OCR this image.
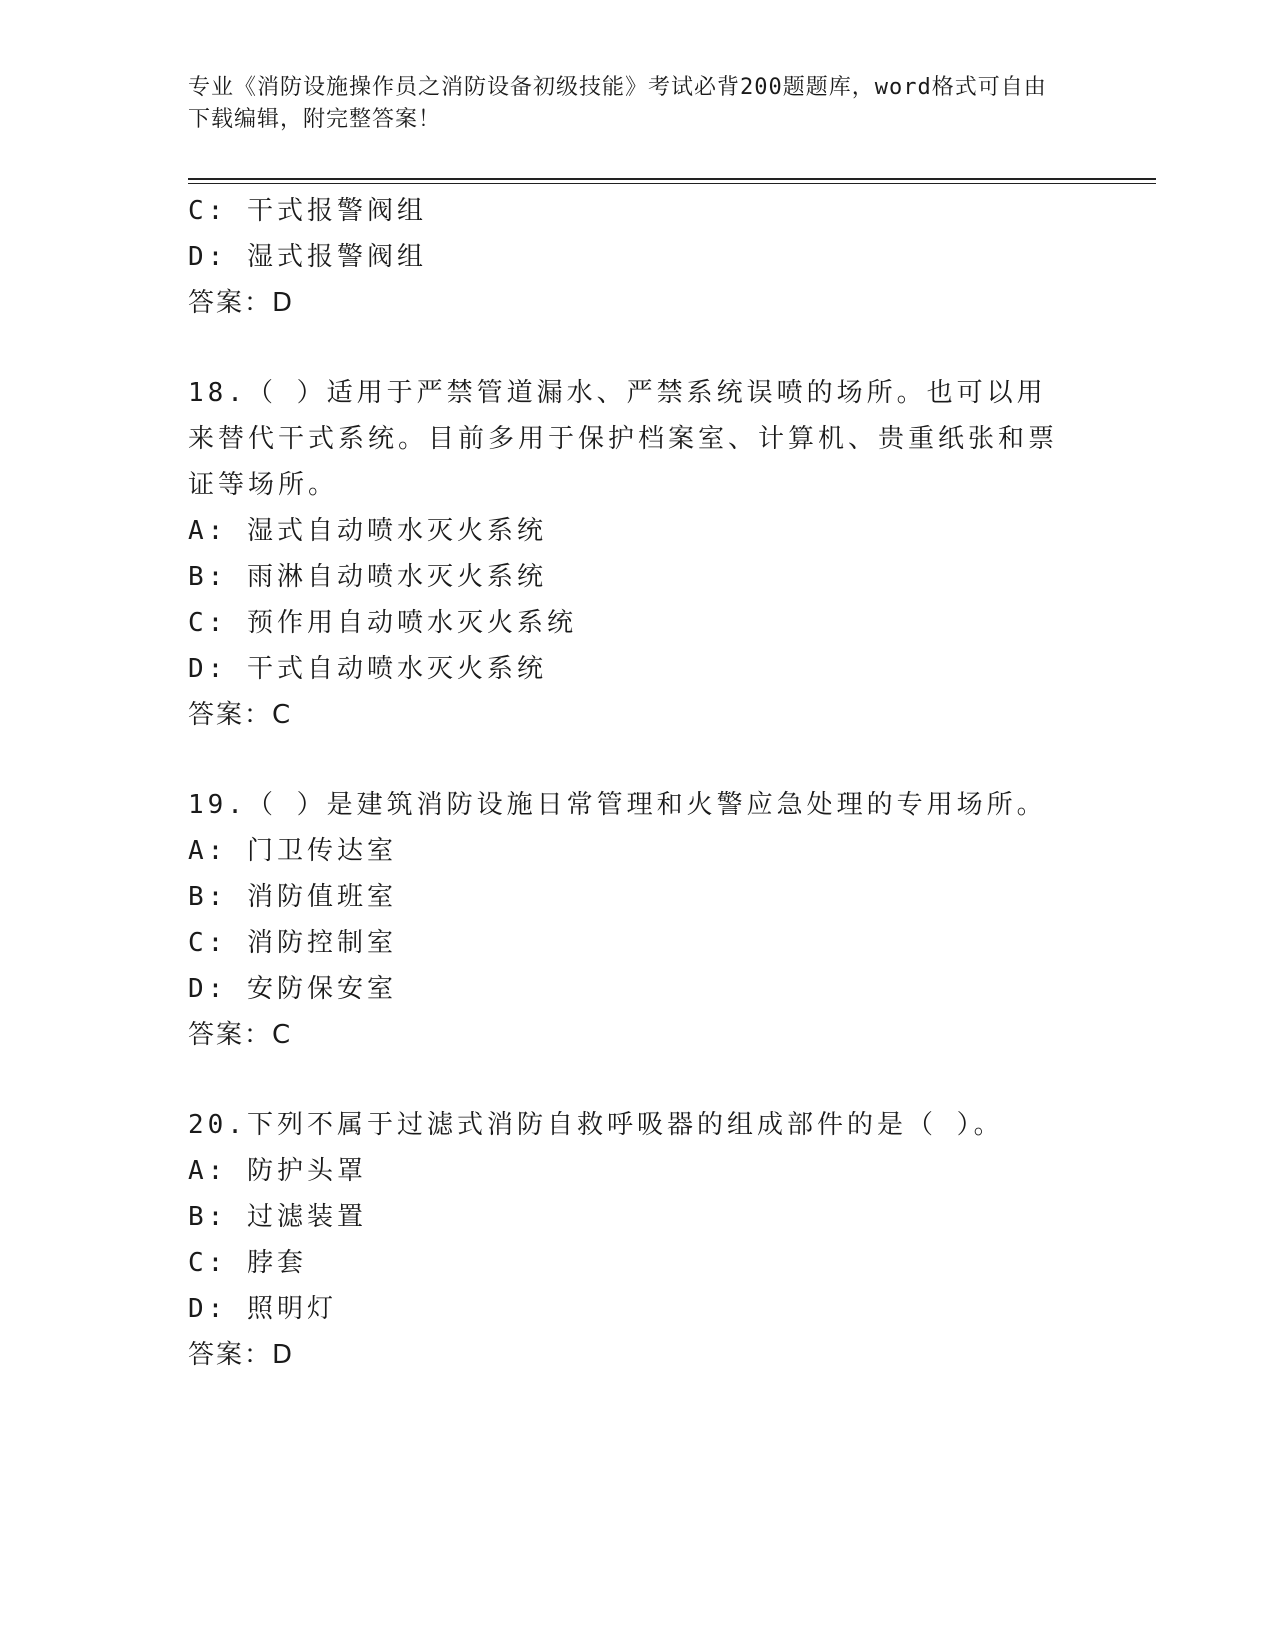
专业《消防设施操作员之消防设备初级技能》考试必背200题题库，word格式可自由下载编辑，附完整答案！
C: 干式报警阀组
D: 湿式报警阀组
答案：D
18.（ ）适用于严禁管道漏水、严禁系统误喷的场所。也可以用来替代干式系统。目前多用于保护档案室、计算机、贵重纸张和票证等场所。
A: 湿式自动喷水灭火系统
B: 雨淋自动喷水灭火系统
C: 预作用自动喷水灭火系统
D: 干式自动喷水灭火系统
答案：C
19.（ ）是建筑消防设施日常管理和火警应急处理的专用场所。
A: 门卫传达室
B: 消防值班室
C: 消防控制室
D: 安防保安室
答案：C
20.下列不属于过滤式消防自救呼吸器的组成部件的是（ ）。
A: 防护头罩
B: 过滤装置
C: 脖套
D: 照明灯
答案：D
